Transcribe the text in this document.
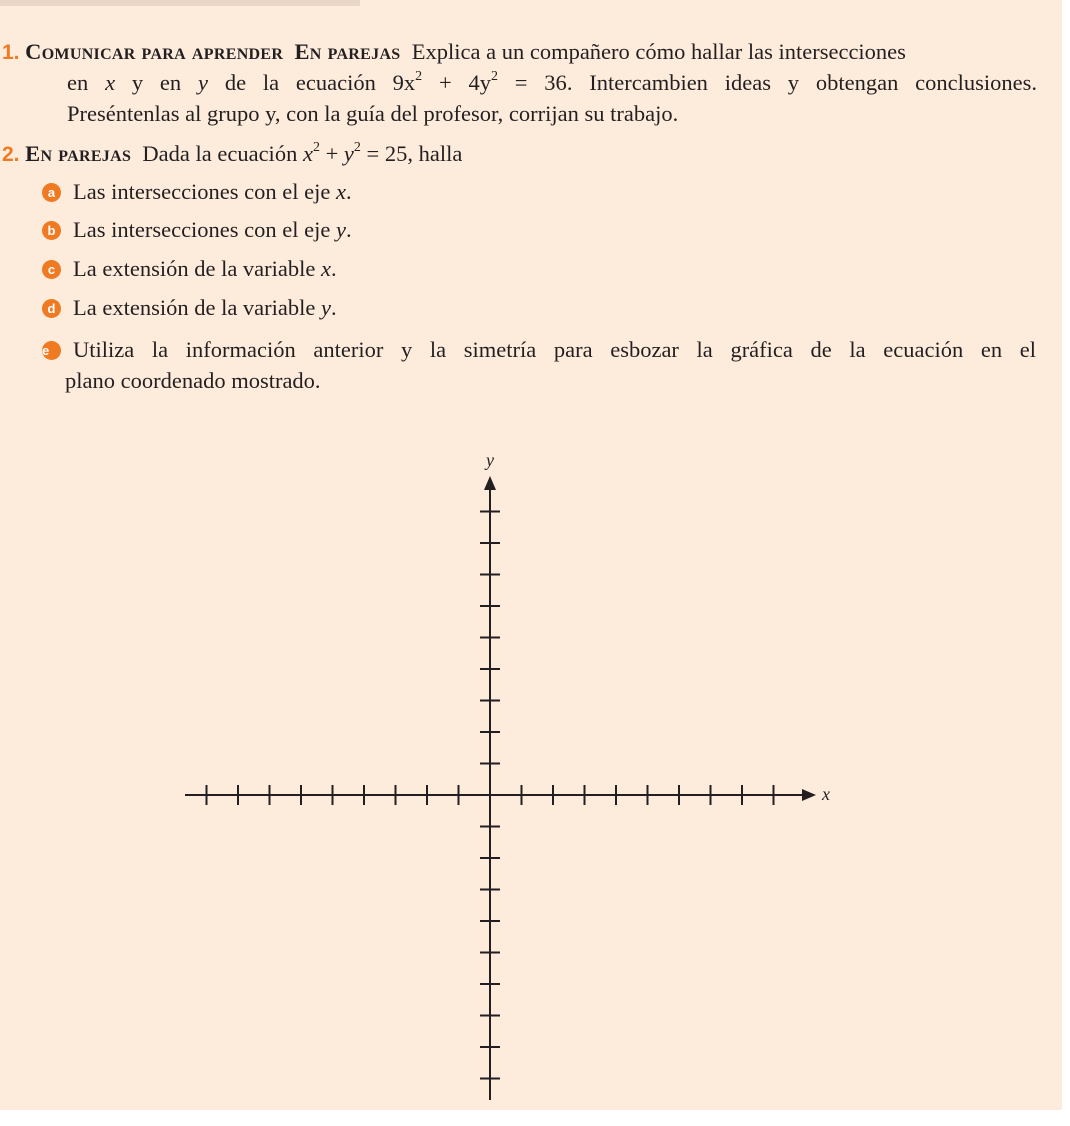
1. Comunicar para aprender En parejas Explica a un compañero cómo hallar las intersecciones
en x y en y de la ecuación $9x^2 + 4y^2 = 36$. Intercambien ideas y obtengan conclusiones.
Preséntenlas al grupo y, con la guía del profesor, corrijan su trabajo.
2. En parejas Dada la ecuación $x^2 + y^2 = 25$, halla
a Las intersecciones con el eje x.
b Las intersecciones con el eje y.
c La extensión de la variable x.
d La extensión de la variable y.
e Utiliza la información anterior y la simetría para esbozar la gráfica de la ecuación en el
plano coordenado mostrado.
x
y
